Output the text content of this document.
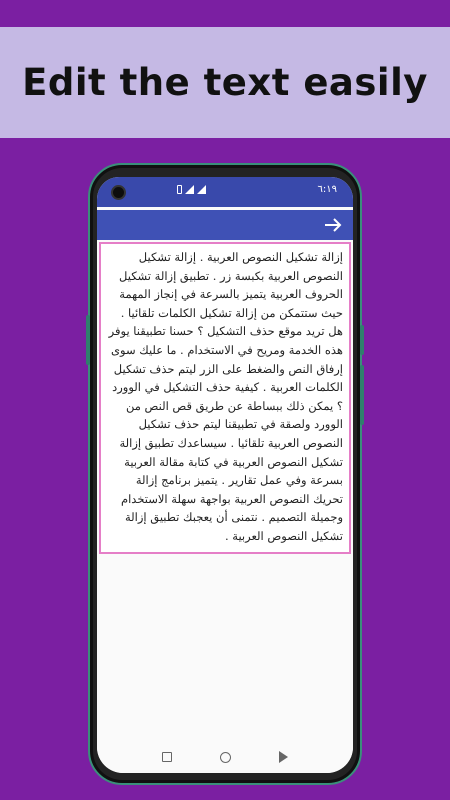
Edit the text easily
٦:١٩
إزالة تشكيل النصوص العربية . إزالة تشكيل النصوص العربية بكبسة زر . تطبيق إزالة تشكيل الحروف العربية يتميز بالسرعة في إنجاز المهمة حيث ستتمكن من إزالة تشكيل الكلمات تلقائيا . هل تريد موقع حذف التشكيل ؟ حسنا تطبيقنا يوفر هذه الخدمة ومريح في الاستخدام . ما عليك سوى إرفاق النص والضغط على الزر ليتم حذف تشكيل الكلمات العربية . كيفية حذف التشكيل في الوورد ؟ يمكن ذلك ببساطة عن طريق قص النص من الوورد ولصقة في تطبيقنا ليتم حذف تشكيل النصوص العربية تلقائيا . سيساعدك تطبيق إزالة تشكيل النصوص العربية في كتابة مقالة العربية بسرعة وفي عمل تقارير . يتميز برنامج إزالة تحريك النصوص العربية بواجهة سهلة الاستخدام وجميلة التصميم . نتمنى أن يعجبك تطبيق إزالة تشكيل النصوص العربية .
